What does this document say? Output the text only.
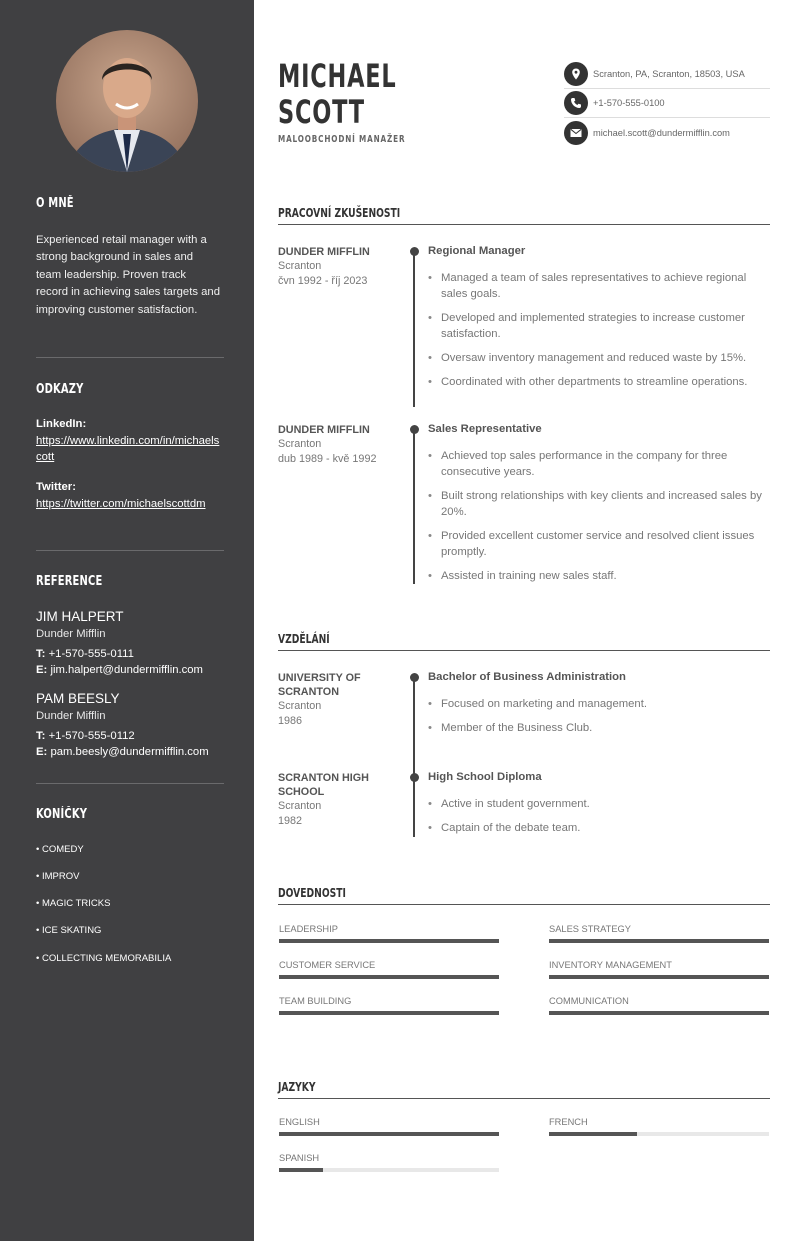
O MNĚ
Experienced retail manager with a strong background in sales and team leadership. Proven track record in achieving sales targets and improving customer satisfaction.
ODKAZY
LinkedIn:
https://www.linkedin.com/in/michaelscott
Twitter:
https://twitter.com/michaelscottdm
REFERENCE
JIM HALPERT
Dunder Mifflin
T: +1-570-555-0111
E: jim.halpert@dundermifflin.com
PAM BEESLY
Dunder Mifflin
T: +1-570-555-0112
E: pam.beesly@dundermifflin.com
KONÍČKY
• COMEDY
• IMPROV
• MAGIC TRICKS
• ICE SKATING
• COLLECTING MEMORABILIA
MICHAEL
SCOTT
MALOOBCHODNÍ MANAŽER
Scranton, PA, Scranton, 18503, USA
+1-570-555-0100
michael.scott@dundermifflin.com
PRACOVNÍ ZKUŠENOSTI
DUNDER MIFFLIN
Scranton
čvn 1992 - říj 2023
Regional Manager
• Managed a team of sales representatives to achieve regional sales goals.
• Developed and implemented strategies to increase customer satisfaction.
• Oversaw inventory management and reduced waste by 15%.
• Coordinated with other departments to streamline operations.
DUNDER MIFFLIN
Scranton
dub 1989 - kvě 1992
Sales Representative
• Achieved top sales performance in the company for three consecutive years.
• Built strong relationships with key clients and increased sales by 20%.
• Provided excellent customer service and resolved client issues promptly.
• Assisted in training new sales staff.
VZDĚLÁNÍ
UNIVERSITY OF SCRANTON
Scranton
1986
Bachelor of Business Administration
• Focused on marketing and management.
• Member of the Business Club.
SCRANTON HIGH SCHOOL
Scranton
1982
High School Diploma
• Active in student government.
• Captain of the debate team.
DOVEDNOSTI
LEADERSHIP	SALES STRATEGY
CUSTOMER SERVICE	INVENTORY MANAGEMENT
TEAM BUILDING	COMMUNICATION
JAZYKY
ENGLISH	FRENCH
SPANISH
